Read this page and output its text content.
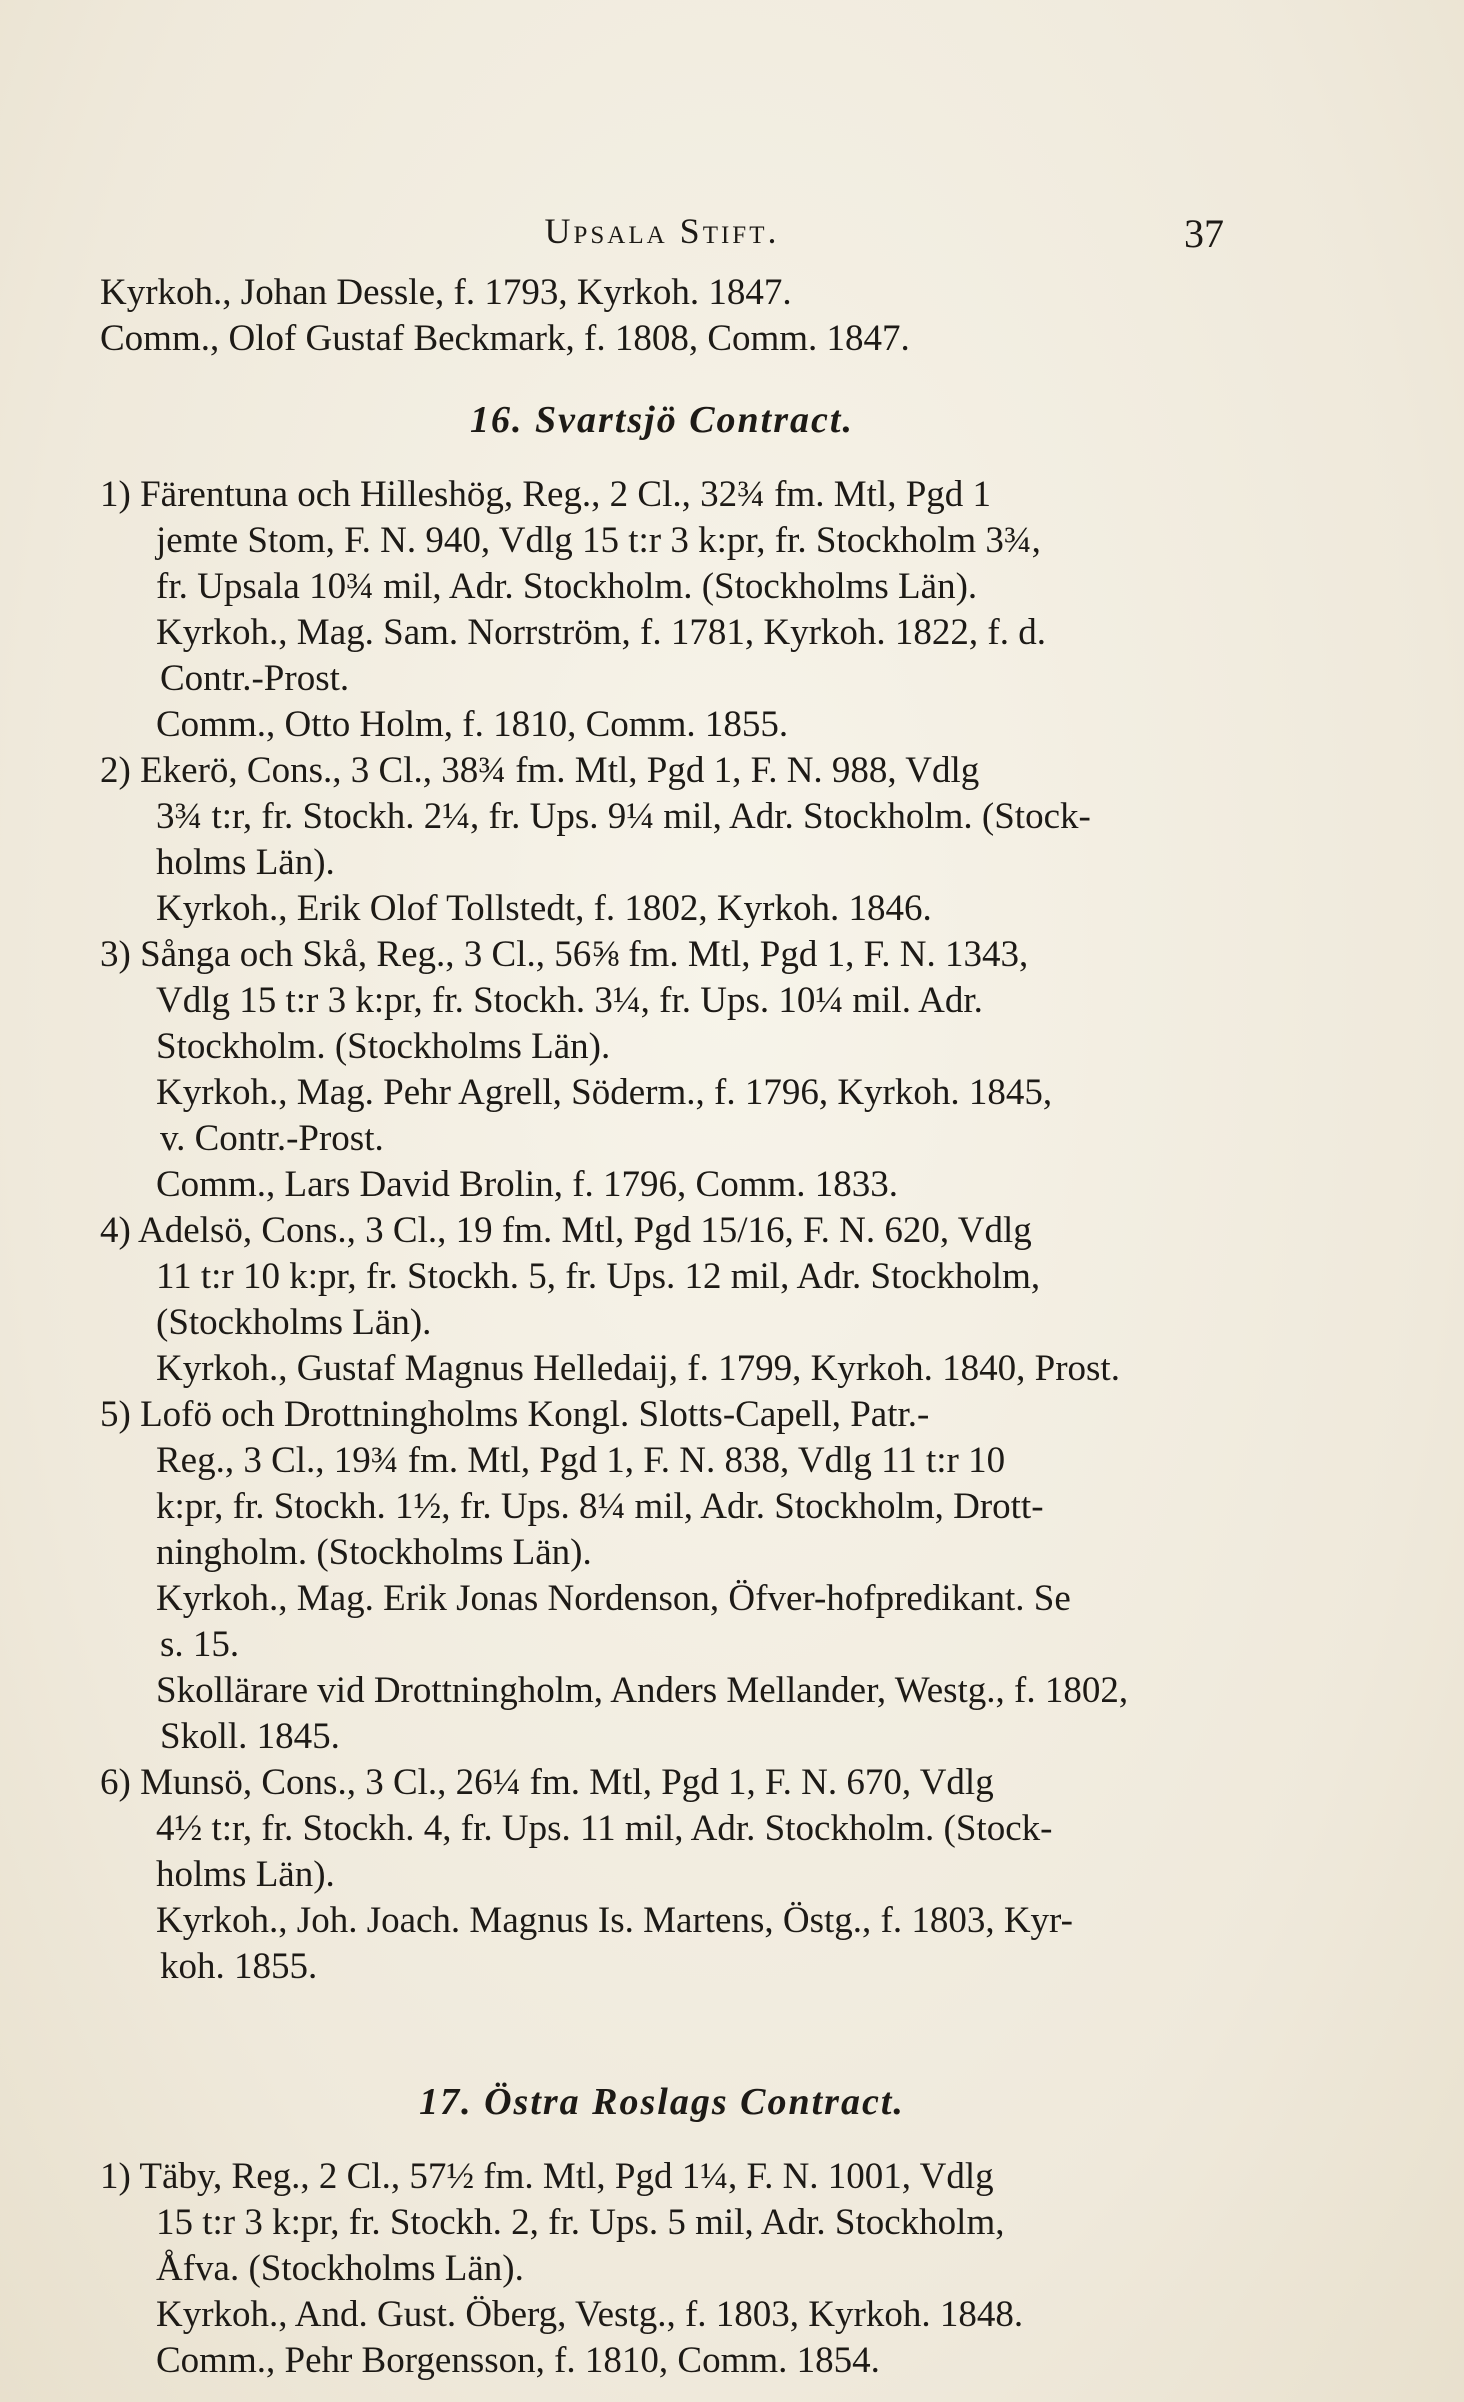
Upsala Stift.	37
Kyrkoh., Johan Dessle, f. 1793, Kyrkoh. 1847.
Comm., Olof Gustaf Beckmark, f. 1808, Comm. 1847.
16. Svartsjö Contract.
1) Färentuna och Hilleshög, Reg., 2 Cl., 32¾ fm. Mtl, Pgd 1
jemte Stom, F. N. 940, Vdlg 15 t:r 3 k:pr, fr. Stockholm 3¾,
fr. Upsala 10¾ mil, Adr. Stockholm. (Stockholms Län).
Kyrkoh., Mag. Sam. Norrström, f. 1781, Kyrkoh. 1822, f. d.
Contr.-Prost.
Comm., Otto Holm, f. 1810, Comm. 1855.
2) Ekerö, Cons., 3 Cl., 38¾ fm. Mtl, Pgd 1, F. N. 988, Vdlg
3¾ t:r, fr. Stockh. 2¼, fr. Ups. 9¼ mil, Adr. Stockholm. (Stock-
holms Län).
Kyrkoh., Erik Olof Tollstedt, f. 1802, Kyrkoh. 1846.
3) Sånga och Skå, Reg., 3 Cl., 56⅝ fm. Mtl, Pgd 1, F. N. 1343,
Vdlg 15 t:r 3 k:pr, fr. Stockh. 3¼, fr. Ups. 10¼ mil. Adr.
Stockholm. (Stockholms Län).
Kyrkoh., Mag. Pehr Agrell, Söderm., f. 1796, Kyrkoh. 1845,
v. Contr.-Prost.
Comm., Lars David Brolin, f. 1796, Comm. 1833.
4) Adelsö, Cons., 3 Cl., 19 fm. Mtl, Pgd 15/16, F. N. 620, Vdlg
11 t:r 10 k:pr, fr. Stockh. 5, fr. Ups. 12 mil, Adr. Stockholm,
(Stockholms Län).
Kyrkoh., Gustaf Magnus Helledaij, f. 1799, Kyrkoh. 1840, Prost.
5) Lofö och Drottningholms Kongl. Slotts-Capell, Patr.-
Reg., 3 Cl., 19¾ fm. Mtl, Pgd 1, F. N. 838, Vdlg 11 t:r 10
k:pr, fr. Stockh. 1½, fr. Ups. 8¼ mil, Adr. Stockholm, Drott-
ningholm. (Stockholms Län).
Kyrkoh., Mag. Erik Jonas Nordenson, Öfver-hofpredikant. Se
s. 15.
Skollärare vid Drottningholm, Anders Mellander, Westg., f. 1802,
Skoll. 1845.
6) Munsö, Cons., 3 Cl., 26¼ fm. Mtl, Pgd 1, F. N. 670, Vdlg
4½ t:r, fr. Stockh. 4, fr. Ups. 11 mil, Adr. Stockholm. (Stock-
holms Län).
Kyrkoh., Joh. Joach. Magnus Is. Martens, Östg., f. 1803, Kyr-
koh. 1855.
17. Östra Roslags Contract.
1) Täby, Reg., 2 Cl., 57½ fm. Mtl, Pgd 1¼, F. N. 1001, Vdlg
15 t:r 3 k:pr, fr. Stockh. 2, fr. Ups. 5 mil, Adr. Stockholm,
Åfva. (Stockholms Län).
Kyrkoh., And. Gust. Öberg, Vestg., f. 1803, Kyrkoh. 1848.
Comm., Pehr Borgensson, f. 1810, Comm. 1854.
